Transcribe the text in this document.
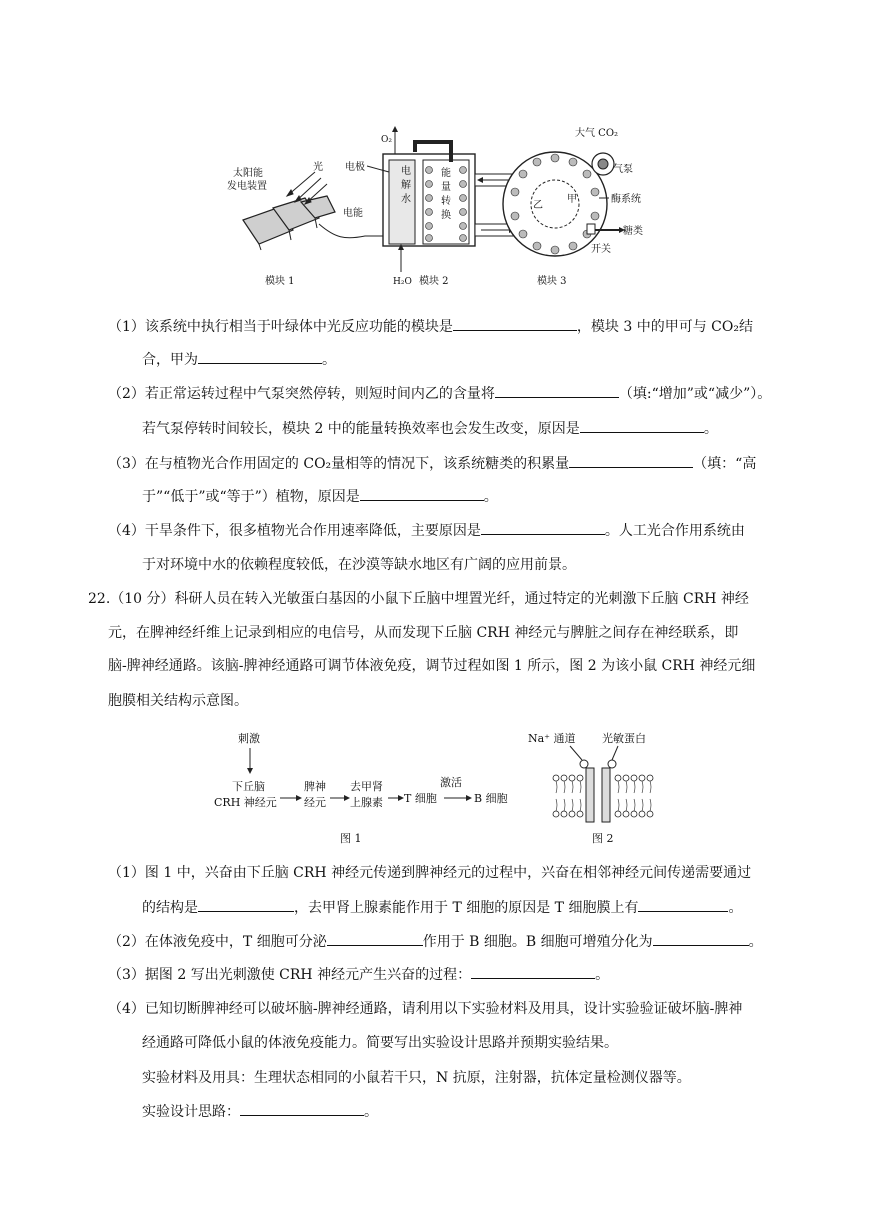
太阳能
发电装置
光
电能
电
解
水
能
量
转
换
电极
O₂
H₂O
乙
甲
大气 CO₂
气泵
酶系统
糖类
开关
模块 1	模块 2	模块 3
（1）该系统中执行相当于叶绿体中光反应功能的模块是	，模块 3 中的甲可与 CO₂结
合，甲为	。
（2）若正常运转过程中气泵突然停转，则短时间内乙的含量将	（填:“增加”或“减少”）。
若气泵停转时间较长，模块 2 中的能量转换效率也会发生改变，原因是	。
（3）在与植物光合作用固定的 CO₂量相等的情况下，该系统糖类的积累量	（填：“高
于”“低于”或“等于”）植物，原因是	。
（4）干旱条件下，很多植物光合作用速率降低，主要原因是	。人工光合作用系统由
于对环境中水的依赖程度较低，在沙漠等缺水地区有广阔的应用前景。
22.（10 分）科研人员在转入光敏蛋白基因的小鼠下丘脑中埋置光纤，通过特定的光刺激下丘脑 CRH 神经
元，在脾神经纤维上记录到相应的电信号，从而发现下丘脑 CRH 神经元与脾脏之间存在神经联系，即
脑-脾神经通路。该脑-脾神经通路可调节体液免疫，调节过程如图 1 所示，图 2 为该小鼠 CRH 神经元细
胞膜相关结构示意图。
刺激
下丘脑
CRH 神经元
脾神
经元
去甲肾
上腺素 T 细胞
激活
B 细胞
图 1
Na⁺ 通道 光敏蛋白
图 2
（1）图 1 中，兴奋由下丘脑 CRH 神经元传递到脾神经元的过程中，兴奋在相邻神经元间传递需要通过
的结构是	，去甲肾上腺素能作用于 T 细胞的原因是 T 细胞膜上有	。
（2）在体液免疫中，T 细胞可分泌	作用于 B 细胞。B 细胞可增殖分化为	。
（3）据图 2 写出光刺激使 CRH 神经元产生兴奋的过程：	。
（4）已知切断脾神经可以破坏脑-脾神经通路，请利用以下实验材料及用具，设计实验验证破坏脑-脾神
经通路可降低小鼠的体液免疫能力。简要写出实验设计思路并预期实验结果。
实验材料及用具：生理状态相同的小鼠若干只，N 抗原，注射器，抗体定量检测仪器等。
实验设计思路：	。
